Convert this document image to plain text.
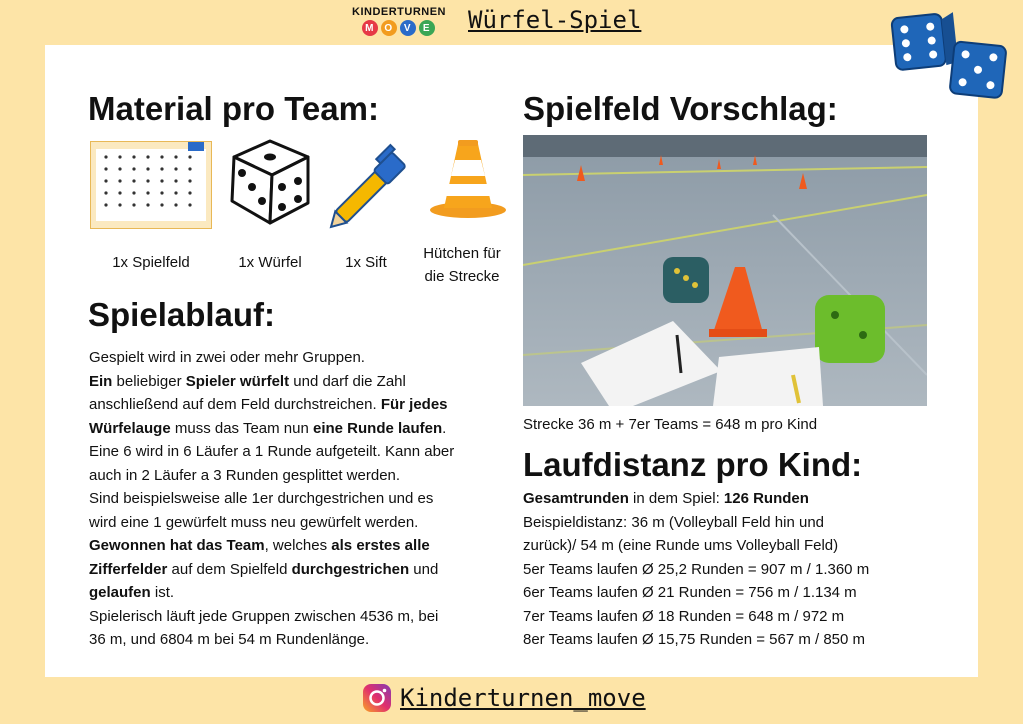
KINDERTURNEN
M	O	V	E Würfel-Spiel
Material pro Team:
1x Spielfeld	1x Würfel	1x Sift
Hütchen für die Strecke
Spielablauf:

Gespielt wird in zwei oder mehr Gruppen.

Ein beliebiger Spieler würfelt und darf die Zahl

anschließend auf dem Feld durchstreichen. Für jedes

Würfelauge muss das Team nun eine Runde laufen.

Eine 6 wird in 6 Läufer a 1 Runde aufgeteilt. Kann aber

auch in 2 Läufer a 3 Runden gesplittet werden.

Sind beispielsweise alle 1er durchgestrichen und es

wird eine 1 gewürfelt muss neu gewürfelt werden.

Gewonnen hat das Team, welches als erstes alle

Zifferfelder auf dem Spielfeld durchgestrichen und

gelaufen ist.

Spielerisch läuft jede Gruppen zwischen 4536 m, bei

36 m, und 6804 m bei 54 m Rundenlänge.

Spielfeld Vorschlag:
Strecke 36 m + 7er Teams = 648 m pro Kind
Laufdistanz pro Kind:

Gesamtrunden in dem Spiel: 126 Runden

Beispieldistanz: 36 m (Volleyball Feld hin und

zurück)/ 54 m (eine Runde ums Volleyball Feld)

5er Teams laufen Ø 25,2 Runden = 907 m / 1.360 m

6er Teams laufen Ø 21 Runden = 756 m / 1.134 m

7er Teams laufen Ø 18 Runden = 648 m / 972 m

8er Teams laufen Ø 15,75 Runden = 567 m / 850 m

Kinderturnen_move
